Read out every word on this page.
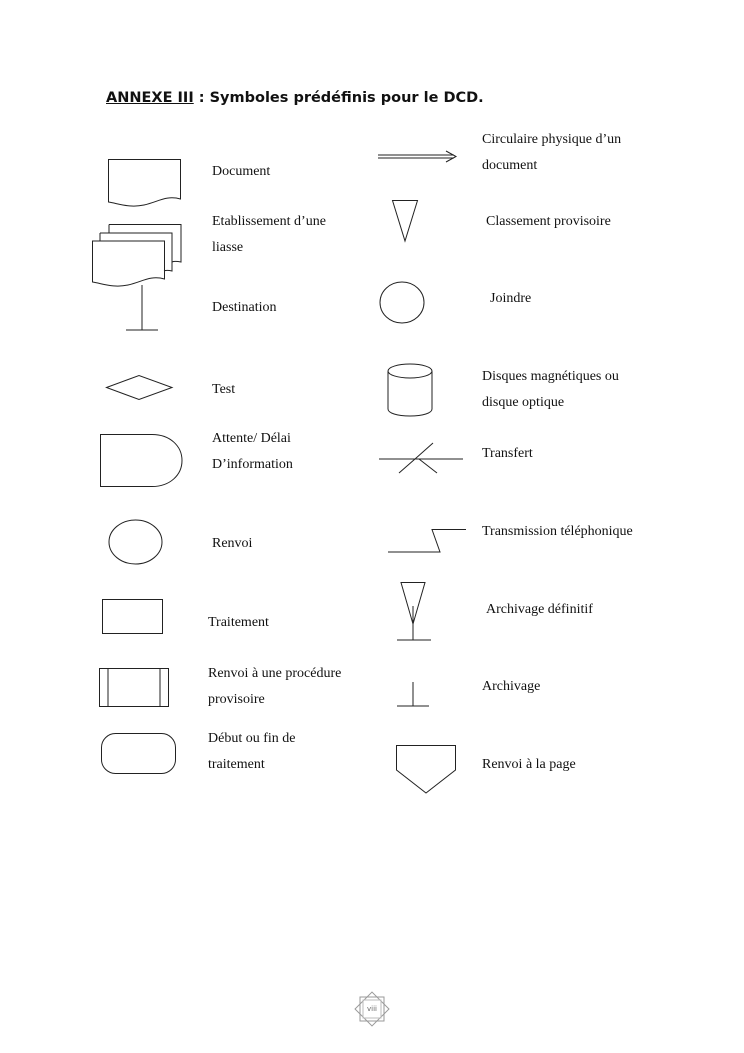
ANNEXE III : Symboles prédéfinis pour le DCD.
Document
Etablissement d’une
liasse
Destination
Test
Attente/ Délai
D’information
Renvoi
Traitement
Renvoi à une procédure
provisoire
Début ou fin de
traitement
Circulaire physique d’un
document
Classement provisoire
Joindre
Disques magnétiques ou
disque optique
Transfert
Transmission téléphonique
Archivage définitif
Archivage
Renvoi à la page
viii
